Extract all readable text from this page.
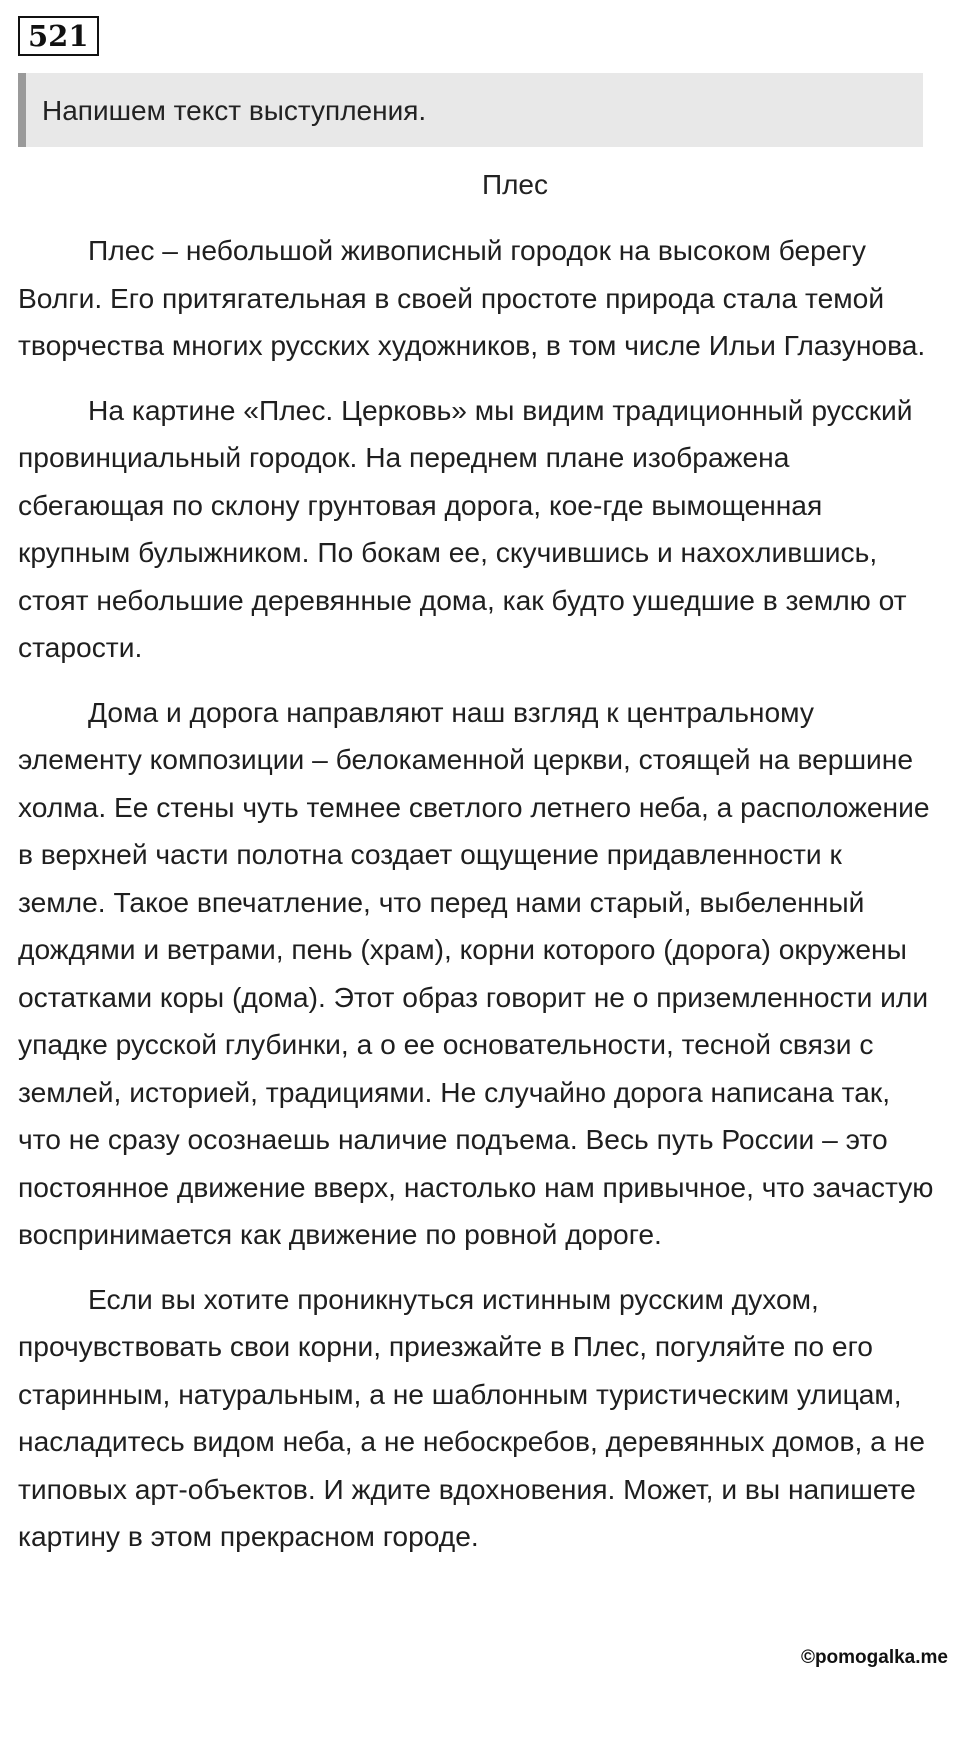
521
Напишем текст выступления.
Плес

Плес – небольшой живописный городок на высоком берегу Волги. Его притягательная в своей простоте природа стала темой творчества многих русских художников, в том числе Ильи Глазунова.

На картине «Плес. Церковь» мы видим традиционный русский провинциальный городок. На переднем плане изображена сбегающая по склону грунтовая дорога, кое-где вымощенная крупным булыжником. По бокам ее, скучившись и нахохлившись, стоят небольшие деревянные дома, как будто ушедшие в землю от старости.

Дома и дорога направляют наш взгляд к центральному элементу композиции – белокаменной церкви, стоящей на вершине холма. Ее стены чуть темнее светлого летнего неба, а расположение в верхней части полотна создает ощущение придавленности к земле. Такое впечатление, что перед нами старый, выбеленный дождями и ветрами, пень (храм), корни которого (дорога) окружены остатками коры (дома). Этот образ говорит не о приземленности или упадке русской глубинки, а о ее основательности, тесной связи с землей, историей, традициями. Не случайно дорога написана так, что не сразу осознаешь наличие подъема. Весь путь России – это постоянное движение вверх, настолько нам привычное, что зачастую воспринимается как движение по ровной дороге.

Если вы хотите проникнуться истинным русским духом, прочувствовать свои корни, приезжайте в Плес, погуляйте по его старинным, натуральным, а не шаблонным туристическим улицам, насладитесь видом неба, а не небоскребов, деревянных домов, а не типовых арт-объектов. И ждите вдохновения. Может, и вы напишете картину в этом прекрасном городе.

©pomogalka.me
